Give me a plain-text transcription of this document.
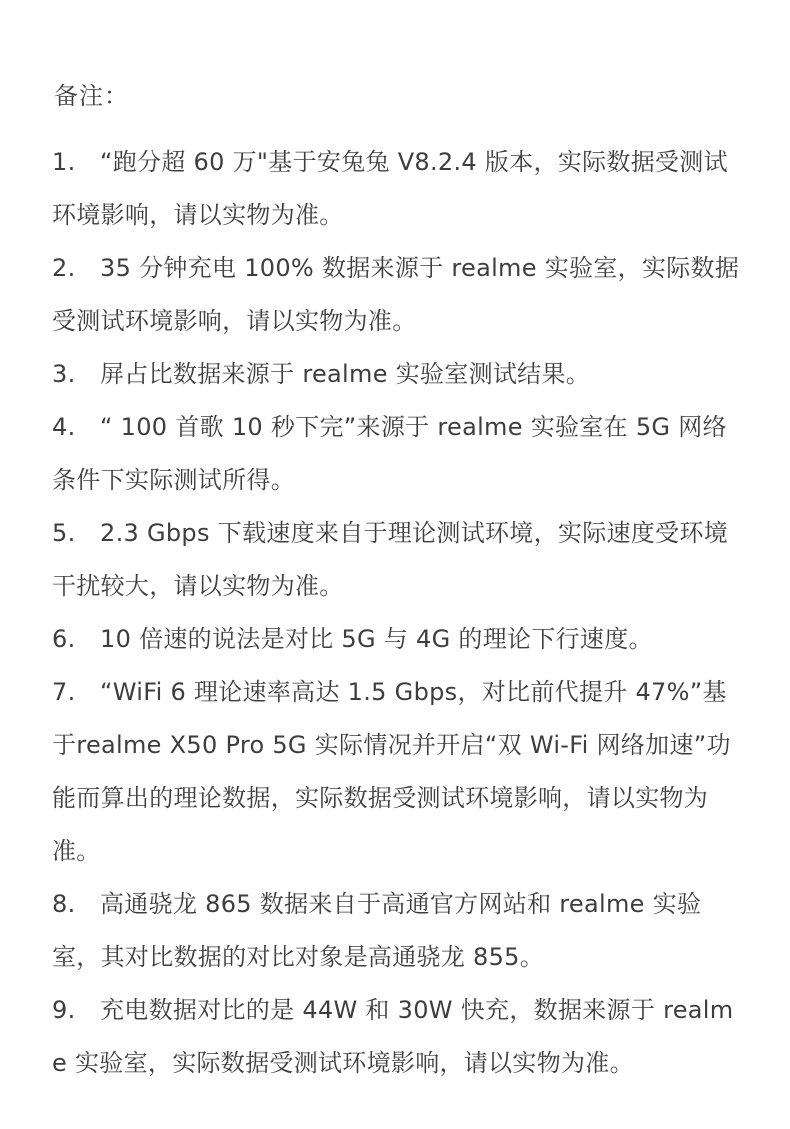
备注：
1. “跑分超 60 万"基于安兔兔 V8.2.4 版本，实际数据受测试环境影响，请以实物为准。
2. 35 分钟充电 100% 数据来源于 realme 实验室，实际数据受测试环境影响，请以实物为准。
3. 屏占比数据来源于 realme 实验室测试结果。
4. “ 100 首歌 10 秒下完”来源于 realme 实验室在 5G 网络条件下实际测试所得。
5. 2.3 Gbps 下载速度来自于理论测试环境，实际速度受环境干扰较大，请以实物为准。
6. 10 倍速的说法是对比 5G 与 4G 的理论下行速度。
7. “WiFi 6 理论速率高达 1.5 Gbps，对比前代提升 47%”基于realme X50 Pro 5G 实际情况并开启“双 Wi-Fi 网络加速”功能而算出的理论数据，实际数据受测试环境影响，请以实物为准。
8. 高通骁龙 865 数据来自于高通官方网站和 realme 实验室，其对比数据的对比对象是高通骁龙 855。
9. 充电数据对比的是 44W 和 30W 快充，数据来源于 realme 实验室，实际数据受测试环境影响，请以实物为准。
